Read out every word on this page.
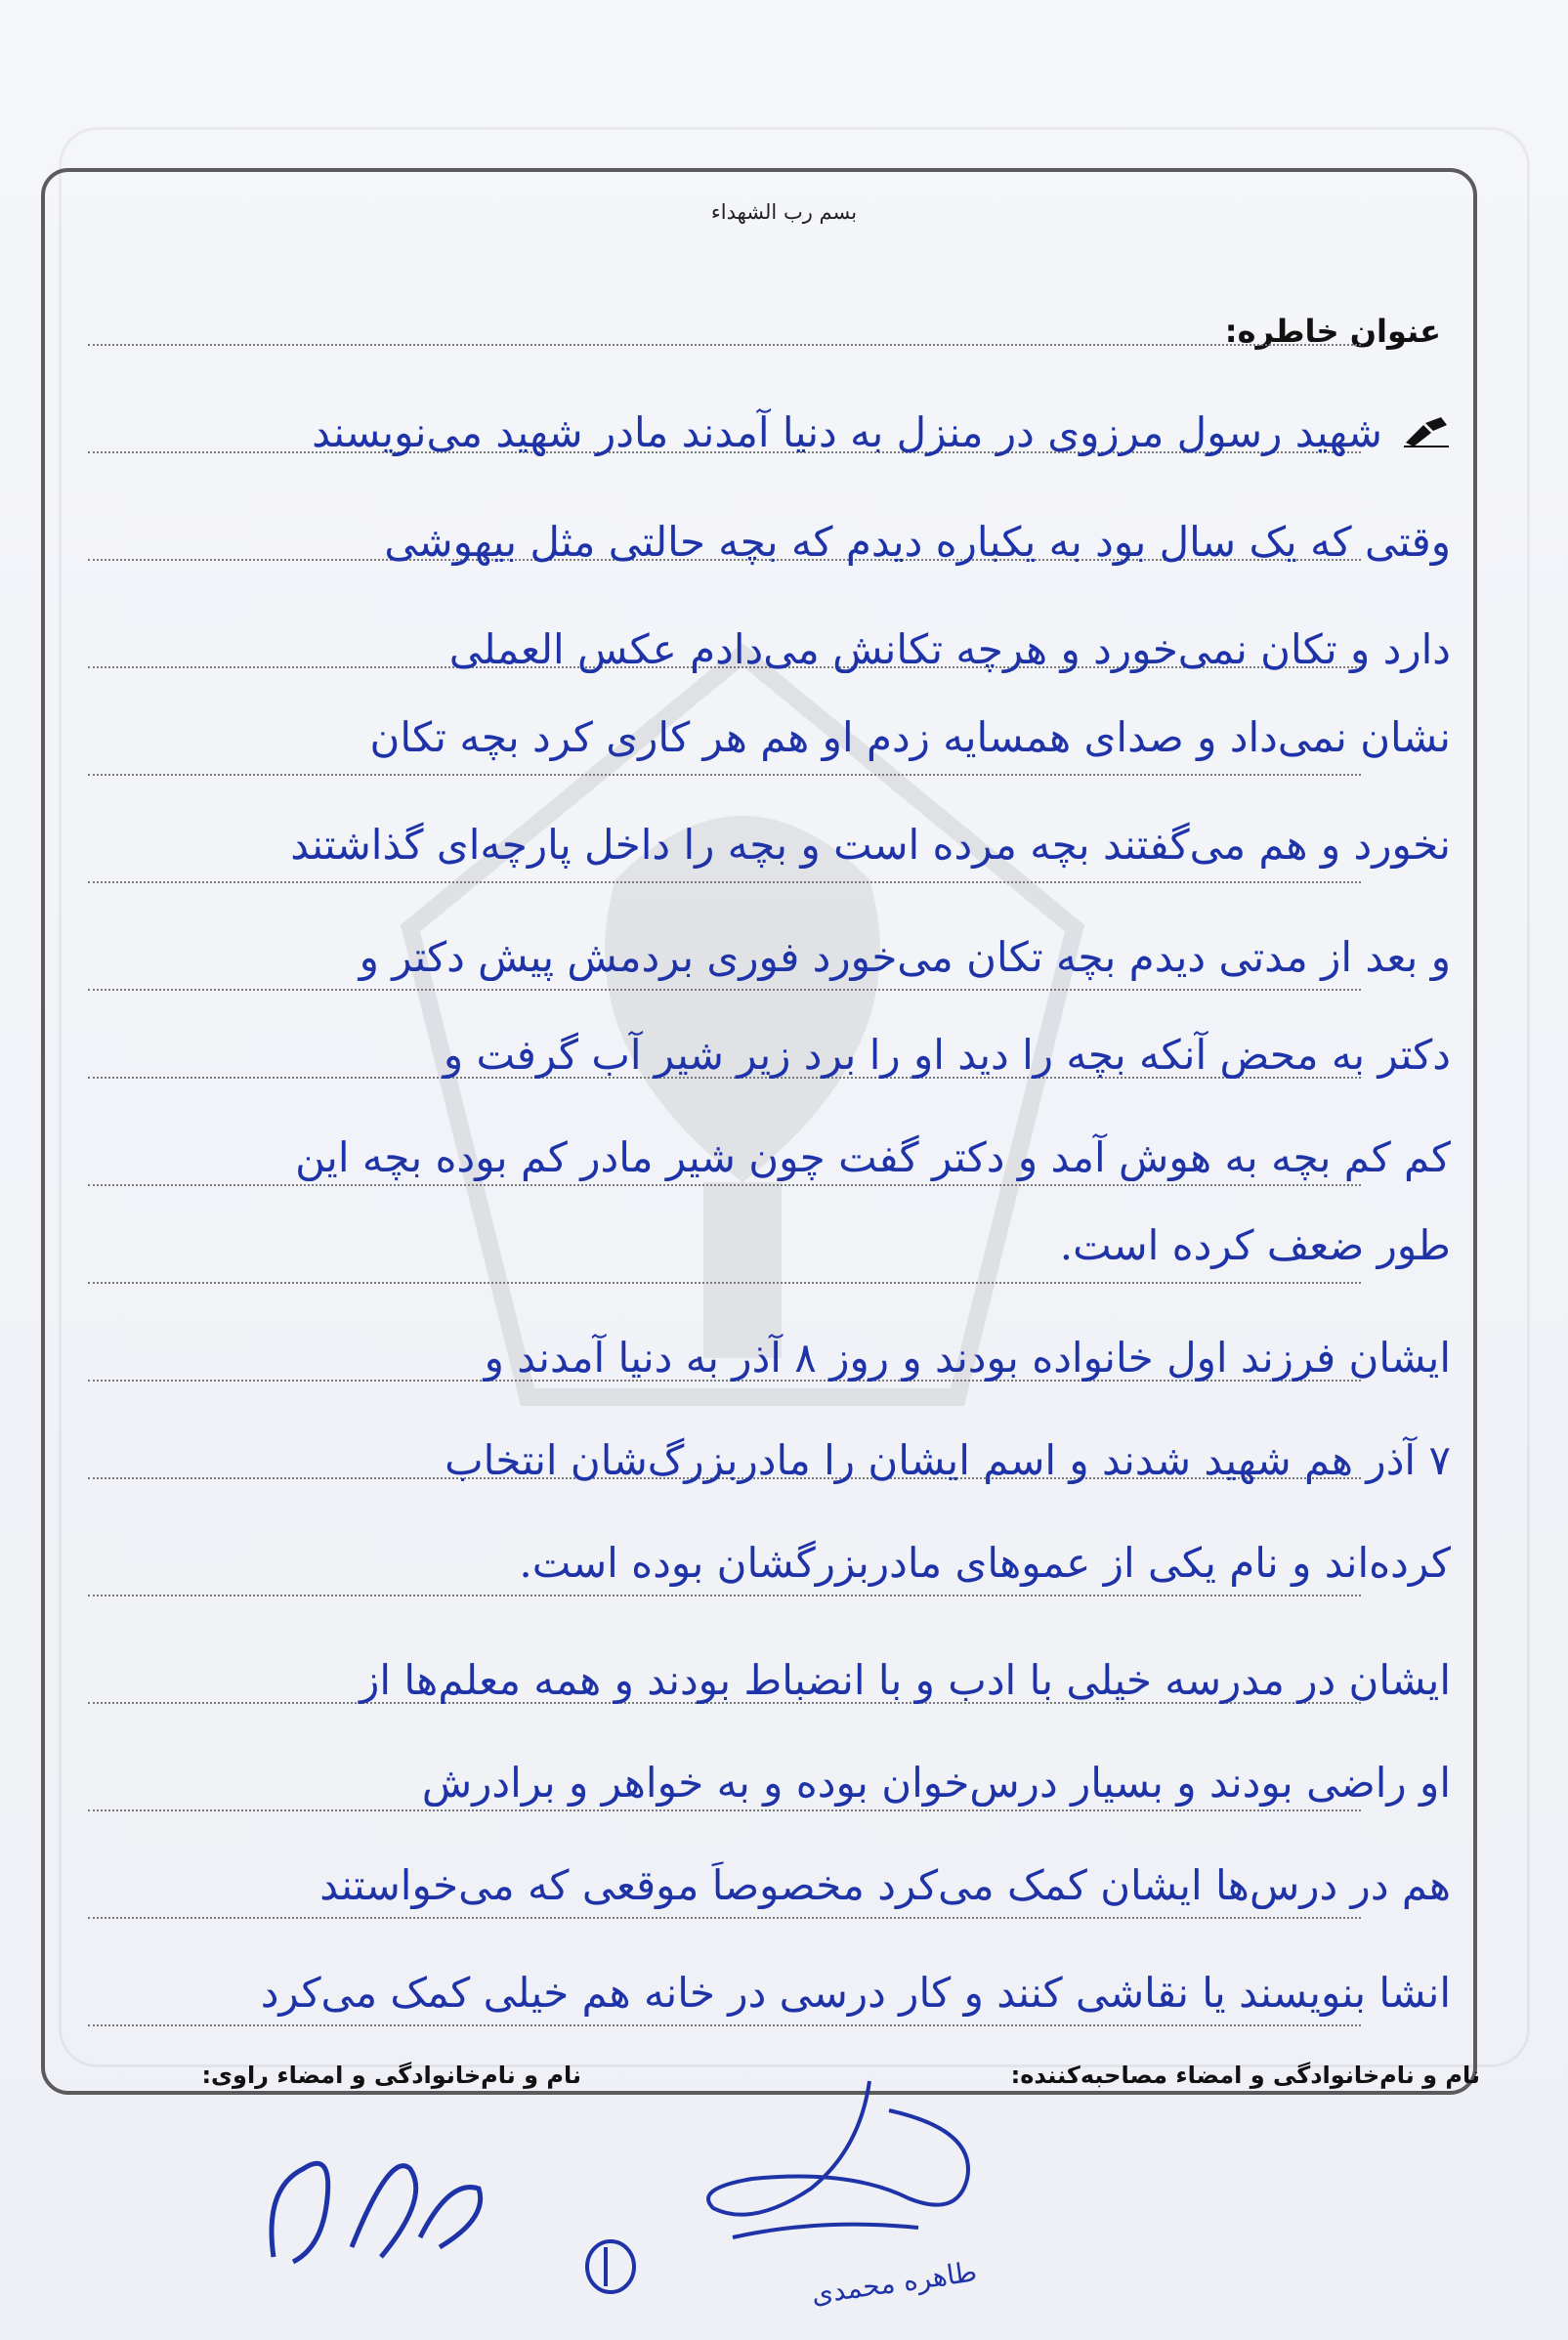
بسم رب الشهداء
عنوان خاطره:
شهید رسول مرزوی در منزل به دنیا آمدند مادر شهید می‌نویسند
وقتی که یک سال بود به یکباره دیدم که بچه حالتی مثل بیهوشی
دارد و تکان نمی‌خورد و هرچه تکانش می‌دادم عکس العملی
نشان نمی‌داد و صدای همسایه زدم او هم هر کاری کرد بچه تکان
نخورد و هم می‌گفتند بچه مرده است و بچه را داخل پارچه‌ای گذاشتند
و بعد از مدتی دیدم بچه تکان می‌خورد فوری بردمش پیش دکتر و
دکتر به محض آنکه بچه را دید او را برد زیر شیر آب گرفت و
کم کم بچه به هوش آمد و دکتر گفت چون شیر مادر کم بوده بچه این
طور ضعف کرده است.
ایشان فرزند اول خانواده بودند و روز ۸ آذر به دنیا آمدند و
۷ آذر هم شهید شدند و اسم ایشان را مادربزرگ‌شان انتخاب
کرده‌اند و نام یکی از عموهای مادربزرگشان بوده است.
ایشان در مدرسه خیلی با ادب و با انضباط بودند و همه معلم‌ها از
او راضی بودند و بسیار درس‌خوان بوده و به خواهر و برادرش
هم در درس‌ها ایشان کمک می‌کرد مخصوصاً موقعی که می‌خواستند
انشا بنویسند یا نقاشی کنند و کار درسی در خانه هم خیلی کمک می‌کرد
نام و نام‌خانوادگی و امضاء مصاحبه‌کننده:
نام و نام‌خانوادگی و امضاء راوی:
طاهره محمدی
